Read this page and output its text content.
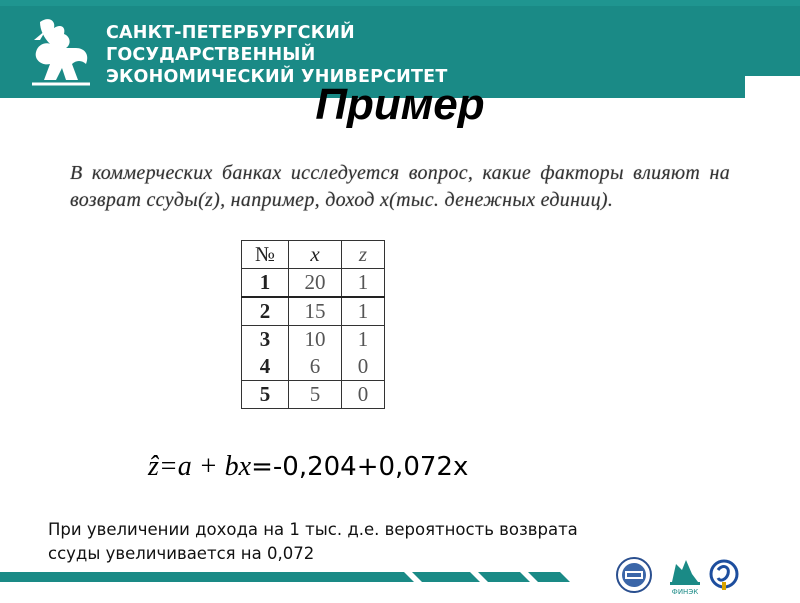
САНКТ-ПЕТЕРБУРГСКИЙ
ГОСУДАРСТВЕННЫЙ
ЭКОНОМИЧЕСКИЙ УНИВЕРСИТЕТ
Пример
В коммерческих банках исследуется вопрос, какие факторы влияют на возврат ссуды(z), например, доход x(тыс. денежных единиц).
№	x	z
1	20	1
2	15	1
3	10	1
4	6	0
5	5	0
ẑ=a + bx=-0,204+0,072x
При увеличении дохода на 1 тыс. д.е. вероятность возврата
ссуды увеличивается на 0,072
ФИНЭК
